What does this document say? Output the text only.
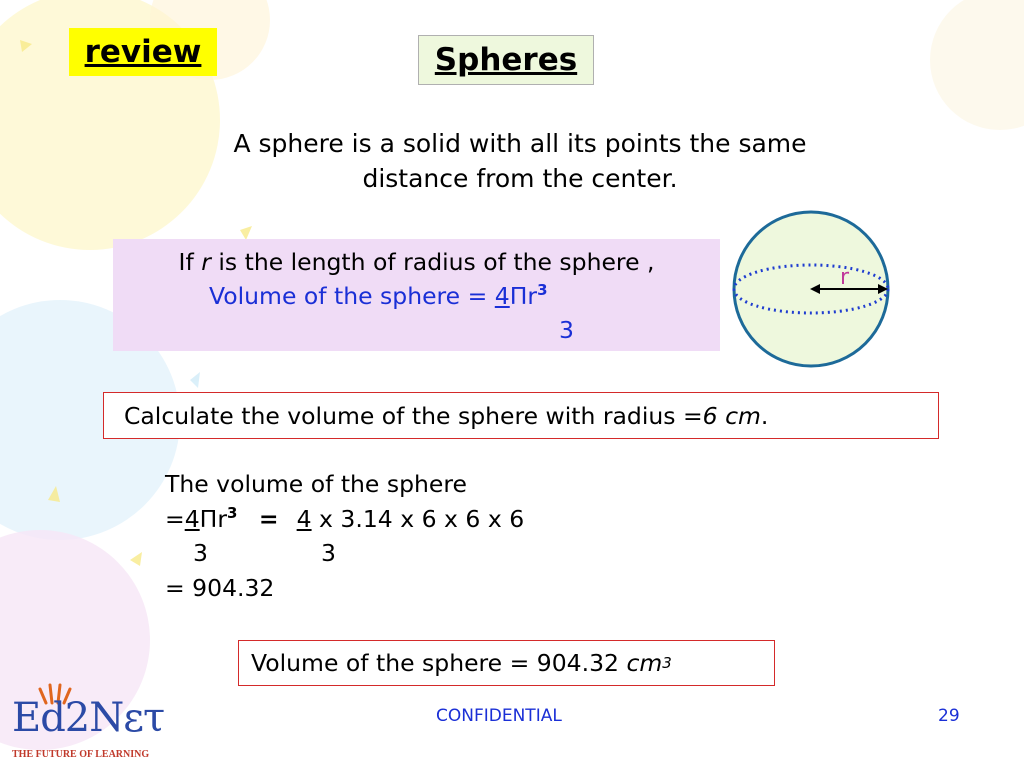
review	Spheres
A sphere is a solid with all its points the same
distance from the center.
If r is the length of radius of the sphere ,
Volume of the sphere = $4\Pi r^3$
3
r
Calculate the volume of the sphere with radius = 6 cm .
The volume of the sphere
$=4\Pi r^3 = 4$ x 3.14 x 6 x 6 x 6
3	3
= 904.32
Volume of the sphere = 904.32 cm 3
Ed2Nετ
THE FUTURE OF LEARNING
CONFIDENTIAL	29
